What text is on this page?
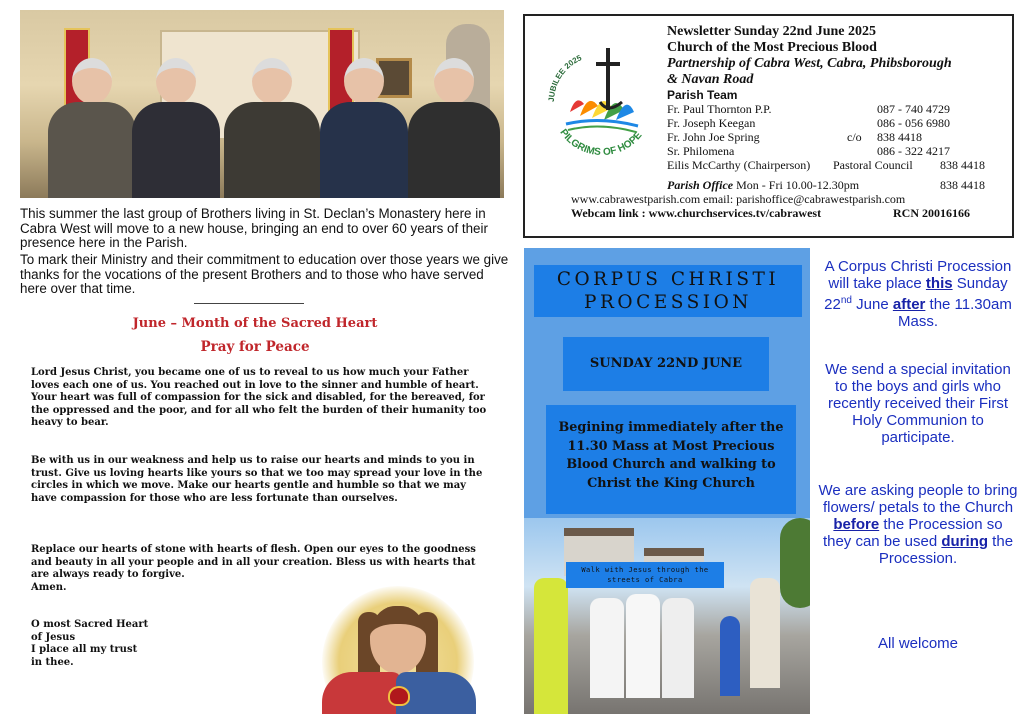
This summer the last group of Brothers living in St. Declan’s Monastery here in Cabra West will move to a new house, bringing an end to over 60 years of their presence here in the Parish.

To mark their Ministry and their commitment to education over those years we give thanks for the vocations of the present Brothers and to those who have served here over that time.

June – Month of the Sacred Heart
Pray for Peace

Lord Jesus Christ, you became one of us to reveal to us how much your Father loves each one of us. You reached out in love to the sinner and humble of heart. Your heart was full of compassion for the sick and disabled, for the bereaved, for the oppressed and the poor, and for all who felt the burden of their humanity too heavy to bear.

Be with us in our weakness and help us to raise our hearts and minds to you in trust. Give us loving hearts like yours so that we too may spread your love in the circles in which we move. Make our hearts gentle and humble so that we may have compassion for those who are less fortunate than ourselves.

Replace our hearts of stone with hearts of flesh. Open our eyes to the goodness and beauty in all your people and in all your creation. Bless us with hearts that are always ready to forgive.
Amen.
O most Sacred Heart
of Jesus
I place all my trust
in thee.
JUBILEE 2025
PILGRIMS OF HOPE
Newsletter Sunday 22nd June 2025
Church of the Most Precious Blood
Partnership of Cabra West, Cabra, Phibsborough
& Navan Road
Parish Team
Fr. Paul Thornton P.P.	087 - 740 4729
Fr. Joseph Keegan	086 - 056 6980
Fr. John Joe Spring	c/o 838 4418
Sr. Philomena	086 - 322 4217
Eilis McCarthy (Chairperson) Pastoral Council 838 4418
Parish Office Mon - Fri 10.00-12.30pm	838 4418
www.cabrawestparish.com email: parishoffice@cabrawestparish.com
Webcam link : www.churchservices.tv/cabrawest	RCN 20016166
CORPUS CHRISTI PROCESSION
SUNDAY 22ND JUNE
Begining immediately after the 11.30 Mass at Most Precious Blood Church and walking to Christ the King Church
Walk with Jesus through the streets of Cabra
A Corpus Christi Procession will take place this Sunday 22nd June after the 11.30am Mass.
We send a special invitation to the boys and girls who recently received their First Holy Communion to participate.
We are asking people to bring flowers/ petals to the Church before the Procession so they can be used during the Procession.
All welcome
